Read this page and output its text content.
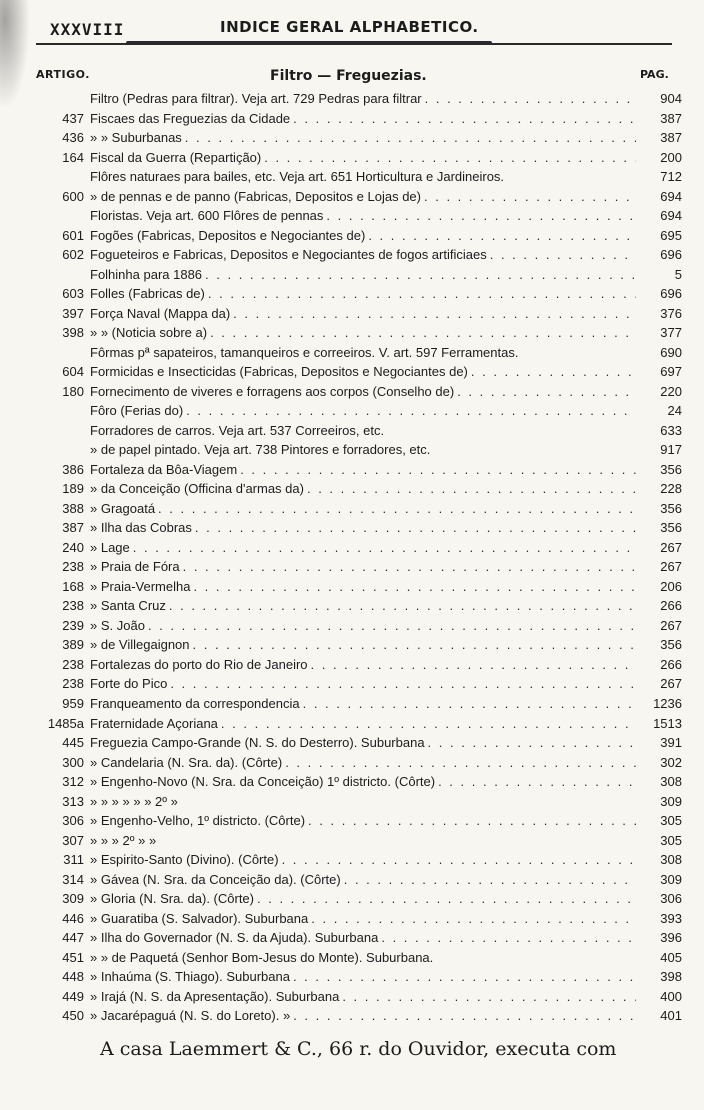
XXXVIII	INDICE GERAL ALPHABETICO.
ARTIGO.	Filtro — Freguezias.	PAG.
Filtro (Pedras para filtrar). Veja art. 729 Pedras para filtrar . . .	904
437 Fiscaes das Freguezias da Cidade . . .	387
436 » » Suburbanas . . .	387
164 Fiscal da Guerra (Repartição) . . .	200
Flôres naturaes para bailes, etc. Veja art. 651 Horticultura e Jardineiros.	712
600 » de pennas e de panno (Fabricas, Depositos e Lojas de) . . .	694
Floristas. Veja art. 600 Flôres de pennas . . .	694
601 Fogões (Fabricas, Depositos e Negociantes de) . . .	695
602 Fogueteiros e Fabricas, Depositos e Negociantes de fogos artificiaes . . .	696
Folhinha para 1886 . . .	5
603 Folles (Fabricas de) . . .	696
397 Força Naval (Mappa da) . . .	376
398 » » (Noticia sobre a) . . .	377
Fôrmas pª sapateiros, tamanqueiros e correeiros. V. art. 597 Ferramentas.	690
604 Formicidas e Insecticidas (Fabricas, Depositos e Negociantes de) . . .	697
180 Fornecimento de viveres e forragens aos corpos (Conselho de) . . .	220
Fôro (Ferias do) . . .	24
Forradores de carros. Veja art. 537 Correeiros, etc.	633
» de papel pintado. Veja art. 738 Pintores e forradores, etc.	917
386 Fortaleza da Bôa-Viagem . . .	356
189 » da Conceição (Officina d'armas da) . . .	228
388 » Gragoatá . . .	356
387 » Ilha das Cobras . . .	356
240 » Lage . . .	267
238 » Praia de Fóra . . .	267
168 » Praia-Vermelha . . .	206
238 » Santa Cruz . . .	266
239 » S. João . . .	267
389 » de Villegaignon . . .	356
238 Fortalezas do porto do Rio de Janeiro . . .	266
238 Forte do Pico . . .	267
959 Franqueamento da correspondencia . . .	1236
1485a Fraternidade Açoriana . . .	1513
445 Freguezia Campo-Grande (N. S. do Desterro). Suburbana . . .	391
300 » Candelaria (N. Sra. da). (Côrte) . . .	302
312 » Engenho-Novo (N. Sra. da Conceição) 1º districto. (Côrte) . . .	308
313 » » » » » » 2º »	309
306 » Engenho-Velho, 1º districto. (Côrte) . . .	305
307 » » » 2º » »	305
311 » Espirito-Santo (Divino). (Côrte) . . .	308
314 » Gávea (N. Sra. da Conceição da). (Côrte) . . .	309
309 » Gloria (N. Sra. da). (Côrte) . . .	306
446 » Guaratiba (S. Salvador). Suburbana . . .	393
447 » Ilha do Governador (N. S. da Ajuda). Suburbana . . .	396
451 » » de Paquetá (Senhor Bom-Jesus do Monte). Suburbana.	405
448 » Inhaúma (S. Thiago). Suburbana . . .	398
449 » Irajá (N. S. da Apresentação). Suburbana . . .	400
450 » Jacarépaguá (N. S. do Loreto). » . . .	401
A casa Laemmert & C., 66 r. do Ouvidor, executa com
